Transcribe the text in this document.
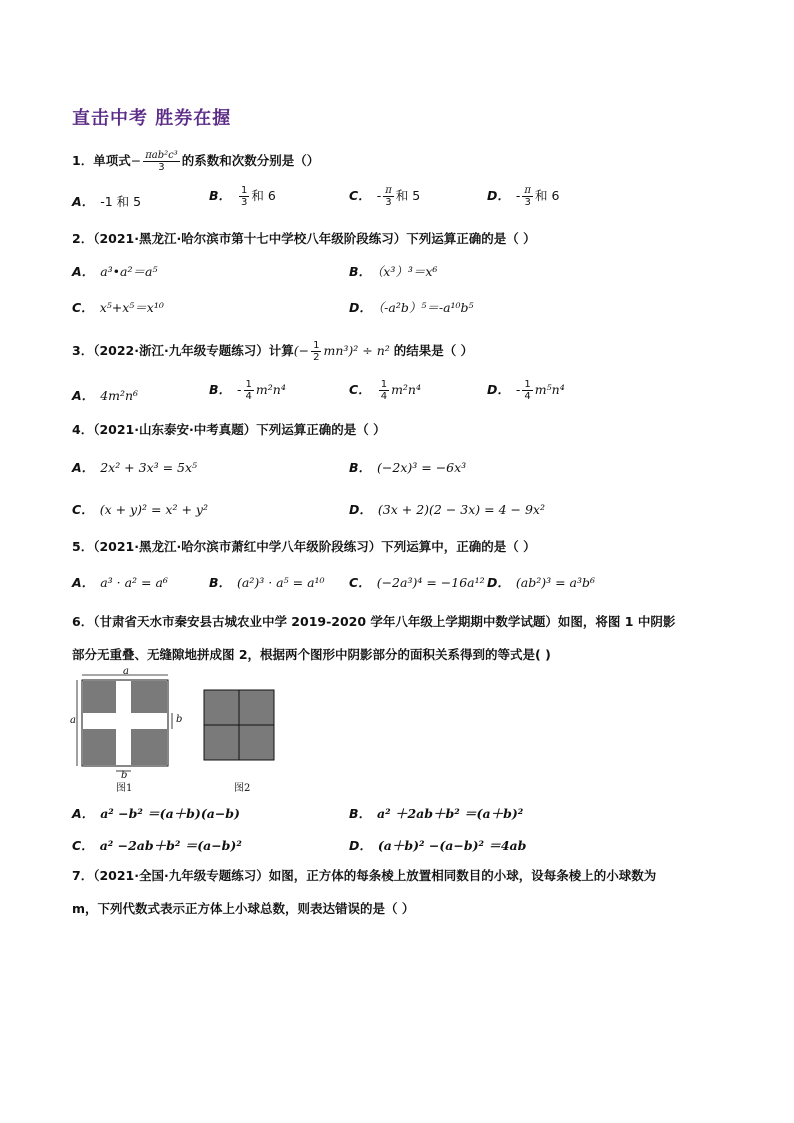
直击中考 胜券在握
1．单项式− $\frac{\text{πab²c³}}{3}$ 的系数和次数分别是（）
A． -1 和 5	B． $\frac{1}{3}$ 和 6	C． - $\frac{\pi}{3}$ 和 5	D． - $\frac{\pi}{3}$ 和 6
2．（2021·黑龙江·哈尔滨市第十七中学校八年级阶段练习）下列运算正确的是（ ）
A． a³•a²＝a⁵	B． （x³）³＝x⁶
C． x⁵+x⁵＝x¹⁰	D． （-a²b）⁵＝-a¹⁰b⁵
3．（2022·浙江·九年级专题练习）计算(− $\frac{1}{2} mn^3)^2 \div n^2$ 的结果是（ ）
A． 4m²n⁶	B． - $\frac{1}{4} m^2n^4$	C． $\frac{1}{4} m^2n^4$	D． - $\frac{1}{4} m^5n^4$
4．（2021·山东泰安·中考真题）下列运算正确的是（ ）
A． 2x² + 3x³ = 5x⁵	B． (−2x)³ = −6x³
C． (x + y)² = x² + y²	D． (3x + 2)(2 − 3x) = 4 − 9x²
5．（2021·黑龙江·哈尔滨市萧红中学八年级阶段练习）下列运算中，正确的是（ ）
A． a³ · a² = a⁶	B． (a²)³ · a⁵ = a¹⁰ C． (−2a³)⁴ = −16a¹² D． (ab²)³ = a³b⁶
6．（甘肃省天水市秦安县古城农业中学 2019-2020 学年八年级上学期期中数学试题）如图，将图 1 中阴影
部分无重叠、无缝隙地拼成图 2，根据两个图形中阴影部分的面积关系得到的等式是( )
a
a	b
b
图1	图2
A． a² −b² ＝(a＋b)(a−b)	B． a² ＋2ab＋b² ＝(a＋b)²
C． a² −2ab＋b² ＝(a−b)²	D． (a＋b)² −(a−b)² ＝4ab
7．（2021·全国·九年级专题练习）如图，正方体的每条棱上放置相同数目的小球，设每条棱上的小球数为
m，下列代数式表示正方体上小球总数，则表达错误的是（ ）
